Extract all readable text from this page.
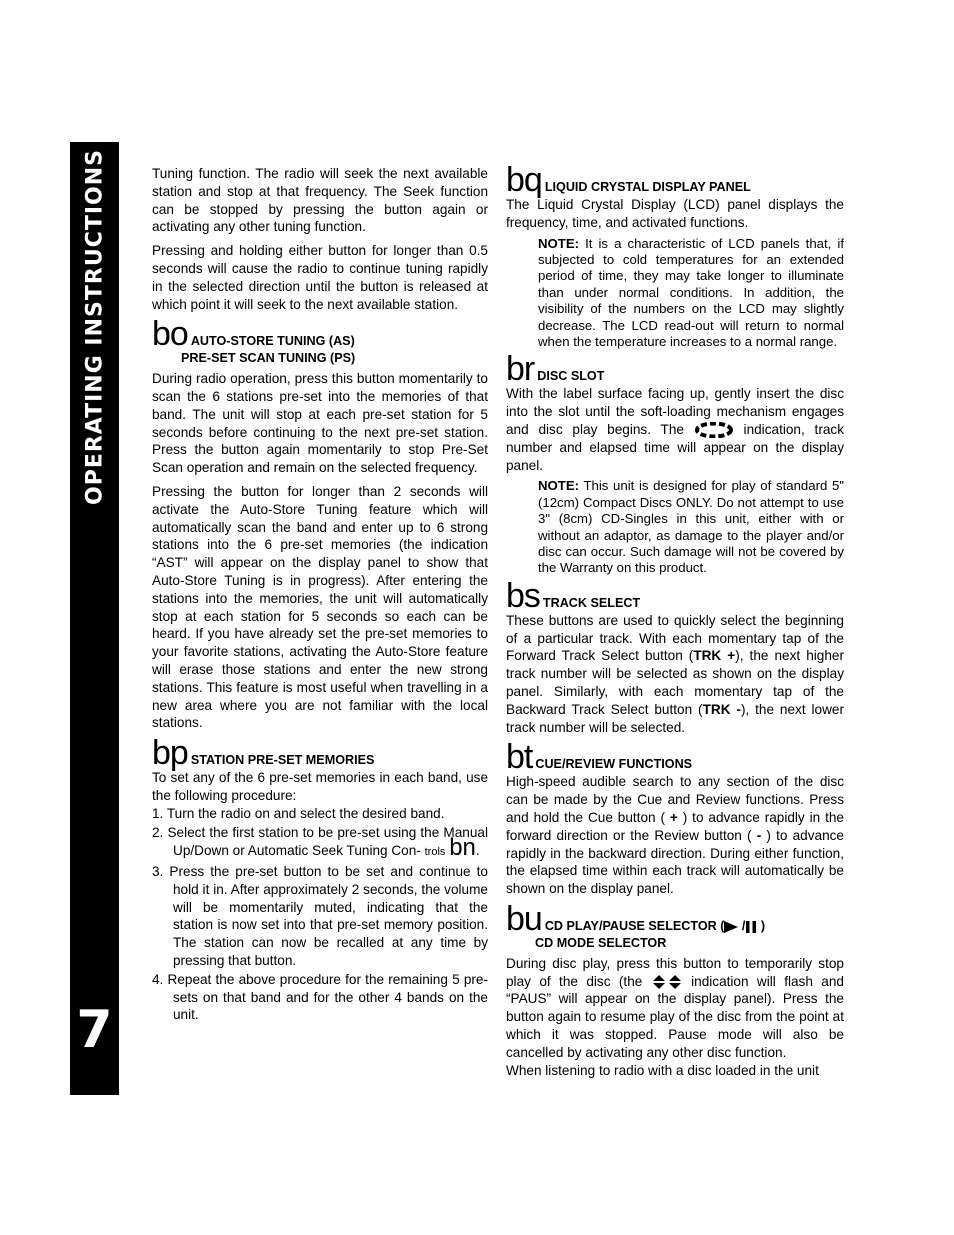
OPERATING INSTRUCTIONS
7

Tuning function. The radio will seek the next available station and stop at that frequency. The Seek function can be stopped by pressing the button again or activating any other tuning function.

Pressing and holding either button for longer than 0.5 seconds will cause the radio to continue tuning rapidly in the selected direction until the button is released at which point it will seek to the next available station.

bo AUTO-STORE TUNING (AS)
PRE-SET SCAN TUNING (PS)

During radio operation, press this button momentarily to scan the 6 stations pre-set into the memories of that band. The unit will stop at each pre-set station for 5 seconds before continuing to the next pre-set station. Press the button again momentarily to stop Pre-Set Scan operation and remain on the selected frequency.

Pressing the button for longer than 2 seconds will activate the Auto-Store Tuning feature which will automatically scan the band and enter up to 6 strong stations into the 6 pre-set memories (the indication “AST” will appear on the display panel to show that Auto-Store Tuning is in progress). After entering the stations into the memories, the unit will automatically stop at each station for 5 seconds so each can be heard. If you have already set the pre-set memories to your favorite stations, activating the Auto-Store feature will erase those stations and enter the new strong stations. This feature is most useful when travelling in a new area where you are not familiar with the local stations.

bp STATION PRE-SET MEMORIES

To set any of the 6 pre-set memories in each band, use the following procedure:

1. Turn the radio on and select the desired band.
2. Select the first station to be pre-set using the Manual Up/Down or Automatic Seek Tuning Con- trols bn.
3. Press the pre-set button to be set and continue to hold it in. After approximately 2 seconds, the volume will be momentarily muted, indicating that the station is now set into that pre-set memory position. The station can now be recalled at any time by pressing that button.
4. Repeat the above procedure for the remaining 5 pre-sets on that band and for the other 4 bands on the unit.
bq LIQUID CRYSTAL DISPLAY PANEL

The Liquid Crystal Display (LCD) panel displays the frequency, time, and activated functions.

NOTE: It is a characteristic of LCD panels that, if subjected to cold temperatures for an extended period of time, they may take longer to illuminate than under normal conditions. In addition, the visibility of the numbers on the LCD may slightly decrease. The LCD read-out will return to normal when the temperature increases to a normal range.
br DISC SLOT

With the label surface facing up, gently insert the disc into the slot until the soft-loading mechanism engages and disc play begins. The	indication, track number and elapsed time will appear on the display panel.

NOTE: This unit is designed for play of standard 5" (12cm) Compact Discs ONLY. Do not attempt to use 3" (8cm) CD-Singles in this unit, either with or without an adaptor, as damage to the player and/or disc can occur. Such damage will not be covered by the Warranty on this product.
bs TRACK SELECT

These buttons are used to quickly select the beginning of a particular track. With each momentary tap of the Forward Track Select button (TRK +), the next higher track number will be selected as shown on the display panel. Similarly, with each momentary tap of the Backward Track Select button (TRK -), the next lower track number will be selected.

bt CUE/REVIEW FUNCTIONS

High-speed audible search to any section of the disc can be made by the Cue and Review functions. Press and hold the Cue button ( + ) to advance rapidly in the forward direction or the Review button ( - ) to advance rapidly in the backward direction. During either function, the elapsed time within each track will automatically be shown on the display panel.

bu CD PLAY/PAUSE SELECTOR ( / )
CD MODE SELECTOR

During disc play, press this button to temporarily stop play of the disc (the	indication will flash and “PAUS” will appear on the display panel). Press the button again to resume play of the disc from the point at which it was stopped. Pause mode will also be cancelled by activating any other disc function.

When listening to radio with a disc loaded in the unit
